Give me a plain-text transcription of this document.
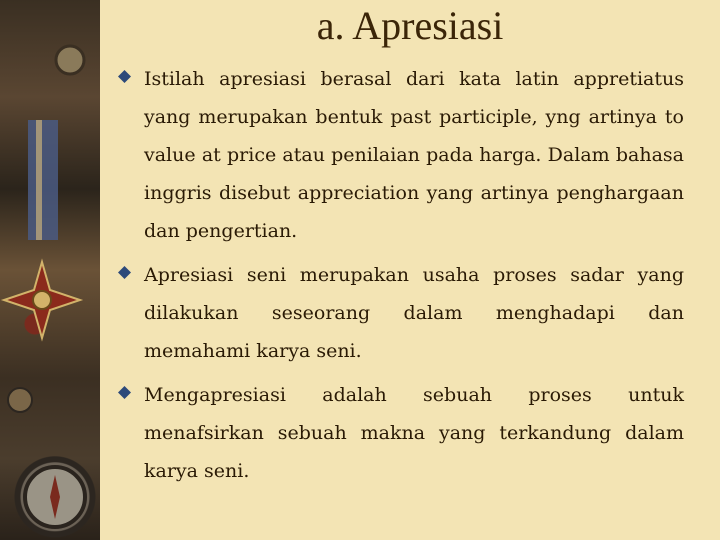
a. Apresiasi
Istilah apresiasi berasal dari kata latin appretiatus yang merupakan bentuk past participle, yng artinya to value at price atau penilaian pada harga. Dalam bahasa inggris disebut appreciation yang artinya penghargaan dan pengertian.
Apresiasi seni merupakan usaha proses sadar yang dilakukan seseorang dalam menghadapi dan memahami karya seni.
Mengapresiasi adalah sebuah proses untuk menafsirkan sebuah makna yang terkandung dalam karya seni.
